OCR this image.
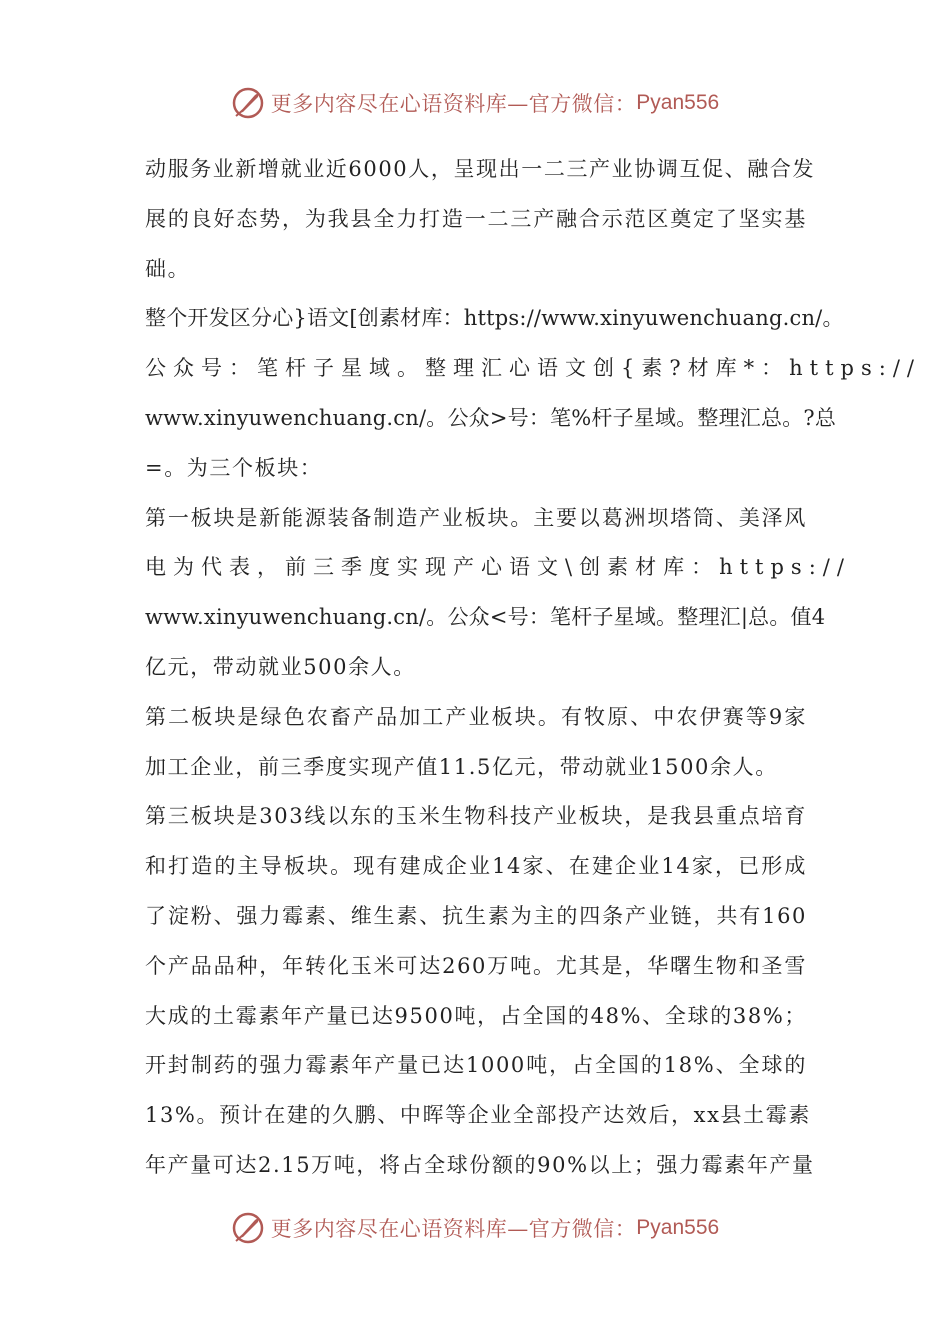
更多内容尽在心语资料库—官方微信： Pyan556
动服务业新增就业近6000人，呈现出一二三产业协调互促、融合发
展的良好态势，为我县全力打造一二三产融合示范区奠定了坚实基
础。
整个开发区分心}语文[创素材库：https://www.xinyuwenchuang.cn/。
公众号：笔杆子星域。整理汇心语文创{素?材库*：https://
www.xinyuwenchuang.cn/。公众>号：笔%杆子星域。整理汇总。?总
=。为三个板块：
第一板块是新能源装备制造产业板块。主要以葛洲坝塔筒、美泽风
电为代表，前三季度实现产心语文\创素材库：https://
www.xinyuwenchuang.cn/。公众<号：笔杆子星域。整理汇|总。值4
亿元，带动就业500余人。
第二板块是绿色农畜产品加工产业板块。有牧原、中农伊赛等9家
加工企业，前三季度实现产值11.5亿元，带动就业1500余人。
第三板块是303线以东的玉米生物科技产业板块，是我县重点培育
和打造的主导板块。现有建成企业14家、在建企业14家，已形成
了淀粉、强力霉素、维生素、抗生素为主的四条产业链，共有160
个产品品种，年转化玉米可达260万吨。尤其是，华曙生物和圣雪
大成的土霉素年产量已达9500吨，占全国的48%、全球的38%；
开封制药的强力霉素年产量已达1000吨，占全国的18%、全球的
13%。预计在建的久鹏、中晖等企业全部投产达效后，xx县土霉素
年产量可达2.15万吨，将占全球份额的90%以上；强力霉素年产量
更多内容尽在心语资料库—官方微信： Pyan556
